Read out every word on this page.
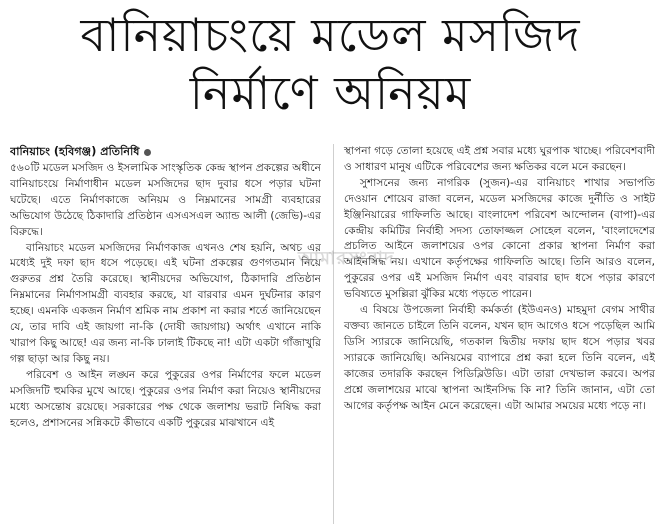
বানিয়াচংয়ে মডেল মসজিদ
নির্মাণে অনিয়ম
বানিয়াচং (হবিগঞ্জ) প্রতিনিধি

৫৬০টি মডেল মসজিদ ও ইসলামিক সাংস্কৃতিক কেন্দ্র স্থাপন প্রকল্পের অধীনে বানিয়াচংয়ে নির্মাণাধীন মডেল মসজিদের ছাদ দুবার ধসে পড়ার ঘটনা ঘটেছে। এতে নির্মাণকাজে অনিয়ম ও নিম্নমানের সামগ্রী ব্যবহারের অভিযোগ উঠেছে ঠিকাদারি প্রতিষ্ঠান এসএসএল অ্যান্ড আলী (জেভি)-এর বিরুদ্ধে।

বানিয়াচং মডেল মসজিদের নির্মাণকাজ এখনও শেষ হয়নি, অথচ এর মধ্যেই দুই দফা ছাদ ধসে পড়েছে। এই ঘটনা প্রকল্পের গুণগতমান নিয়ে গুরুতর প্রশ্ন তৈরি করেছে। স্থানীয়দের অভিযোগ, ঠিকাদারি প্রতিষ্ঠান নিম্নমানের নির্মাণসামগ্রী ব্যবহার করছে, যা বারবার এমন দুর্ঘটনার কারণ হচ্ছে। এমনকি একজন নির্মাণ শ্রমিক নাম প্রকাশ না করার শর্তে জানিয়েছেন যে, তার দাবি এই জায়গা না-কি (দোষী জায়গায়) অর্থাৎ এখানে নাকি খারাপ কিছু আছে! এর জন্য না-কি ঢালাই টিকছে না! এটা একটা গাঁজাখুরি গল্প ছাড়া আর কিছু নয়।

পরিবেশ ও আইন লঙ্ঘন করে পুকুরের ওপর নির্মাণের ফলে মডেল মসজিদটি হুমকির মুখে আছে। পুকুরের ওপর নির্মাণ করা নিয়েও স্থানীয়দের মধ্যে অসন্তোষ রয়েছে। সরকারের পক্ষ থেকে জলাশয় ভরাট নিষিদ্ধ করা হলেও, প্রশাসনের সন্নিকটে কীভাবে একটি পুকুরের মাঝখানে এই

স্থাপনা গড়ে তোলা হয়েছে এই প্রশ্ন সবার মধ্যে ঘুরপাক খাচ্ছে। পরিবেশবাদী ও সাধারণ মানুষ এটিকে পরিবেশের জন্য ক্ষতিকর বলে মনে করছেন।

সুশাসনের জন্য নাগরিক (সুজন)-এর বানিয়াচং শাখার সভাপতি দেওয়ান শোয়েব রাজা বলেন, মডেল মসজিদের কাজে দুর্নীতি ও সাইট ইঞ্জিনিয়ারের গাফিলতি আছে। বাংলাদেশ পরিবেশ আন্দোলন (বাপা)-এর কেন্দ্রীয় কমিটির নির্বাহী সদস্য তোফাজ্জল সোহেল বলেন, 'বাংলাদেশের প্রচলিত আইনে জলাশয়ের ওপর কোনো প্রকার স্থাপনা নির্মাণ করা আইনসিদ্ধ নয়। এখানে কর্তৃপক্ষের গাফিলতি আছে। তিনি আরও বলেন, পুকুরের ওপর এই মসজিদ নির্মাণ এবং বারবার ছাদ ধসে পড়ার কারণে ভবিষ্যতে মুসল্লিরা ঝুঁকির মধ্যে পড়তে পারেন।

এ বিষয়ে উপজেলা নির্বাহী কর্মকর্তা (ইউএনও) মাহমুদা বেগম সাথীর বক্তব্য জানতে চাইলে তিনি বলেন, যখন ছাদ আগেও ধসে পড়েছিল আমি ডিসি স্যারকে জানিয়েছি, গতকাল দ্বিতীয় দফায় ছাদ ধসে পড়ার খবর স্যারকে জানিয়েছি। অনিয়মের ব্যাপারে প্রশ্ন করা হলে তিনি বলেন, এই কাজের তদারকি করছেন পিডিব্লিউডি। এটা তারা দেখভাল করবে। অপর প্রশ্নে জলাশয়ের মাঝে স্থাপনা আইনসিদ্ধ কি না? তিনি জানান, এটা তো আগের কর্তৃপক্ষ আইন মেনে করেছেন। এটা আমার সময়ের মধ্যে পড়ে না।

আমারসংবাদ
